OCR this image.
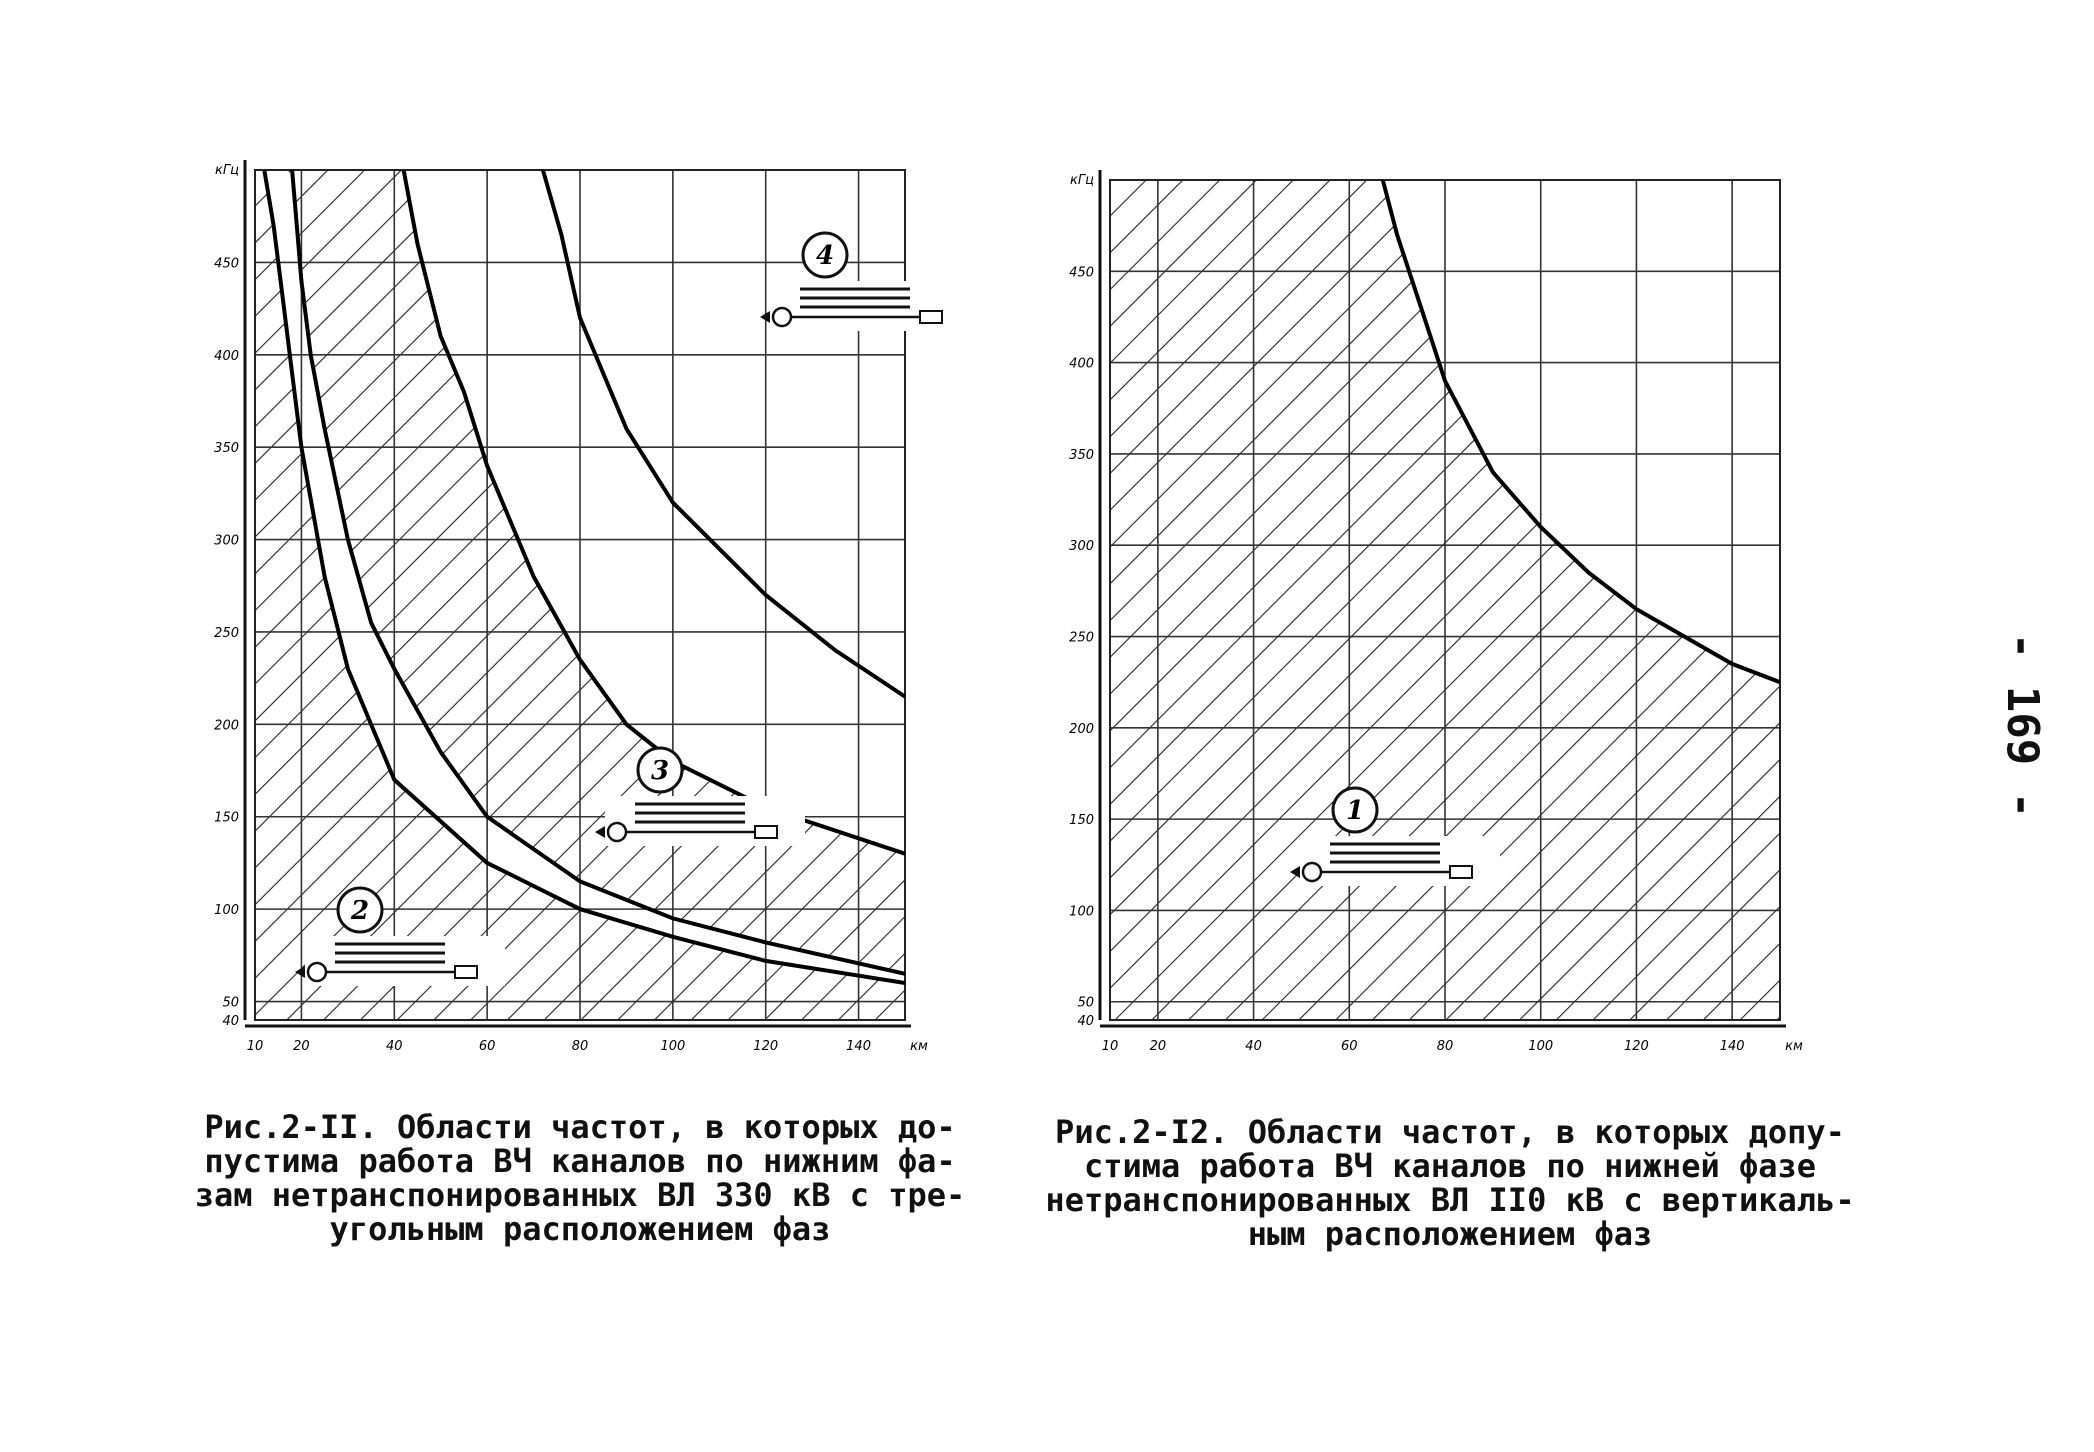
40
50
100
150
200
250
300
350
400
450
10 20	40	60	80	100	120	140
кГц
км
2
3
4
40
50
100
150
200
250
300
350
400
450
10 20	40	60	80	100	120	140
кГц
км
1
Рис.2-II. Области частот, в которых до-
пустима работа ВЧ каналов по нижним фа-
зам нетранспонированных ВЛ 330 кВ с тре-
угольным расположением фаз
Рис.2-I2. Области частот, в которых допу-
стима работа ВЧ каналов по нижней фазе
нетранспонированных ВЛ II0 кВ с вертикаль-
ным расположением фаз
- 169 -
